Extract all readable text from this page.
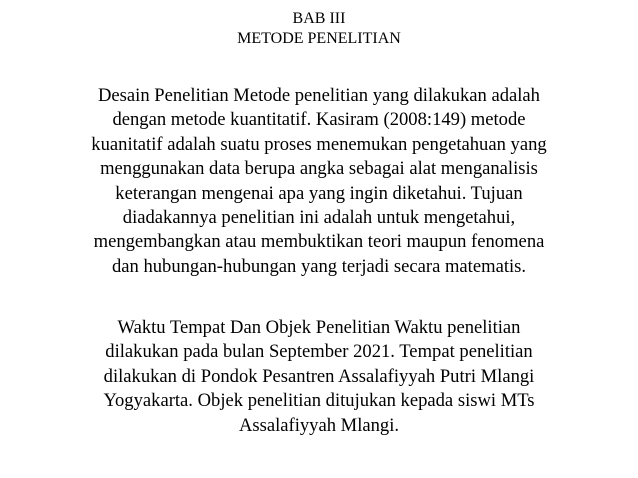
BAB III
METODE PENELITIAN

Desain Penelitian Metode penelitian yang dilakukan adalah
dengan metode kuantitatif. Kasiram (2008:149) metode
kuanitatif adalah suatu proses menemukan pengetahuan yang
menggunakan data berupa angka sebagai alat menganalisis
keterangan mengenai apa yang ingin diketahui. Tujuan
diadakannya penelitian ini adalah untuk mengetahui,
mengembangkan atau membuktikan teori maupun fenomena
dan hubungan-hubungan yang terjadi secara matematis.

Waktu Tempat Dan Objek Penelitian Waktu penelitian
dilakukan pada bulan September 2021. Tempat penelitian
dilakukan di Pondok Pesantren Assalafiyyah Putri Mlangi
Yogyakarta. Objek penelitian ditujukan kepada siswi MTs
Assalafiyyah Mlangi.
